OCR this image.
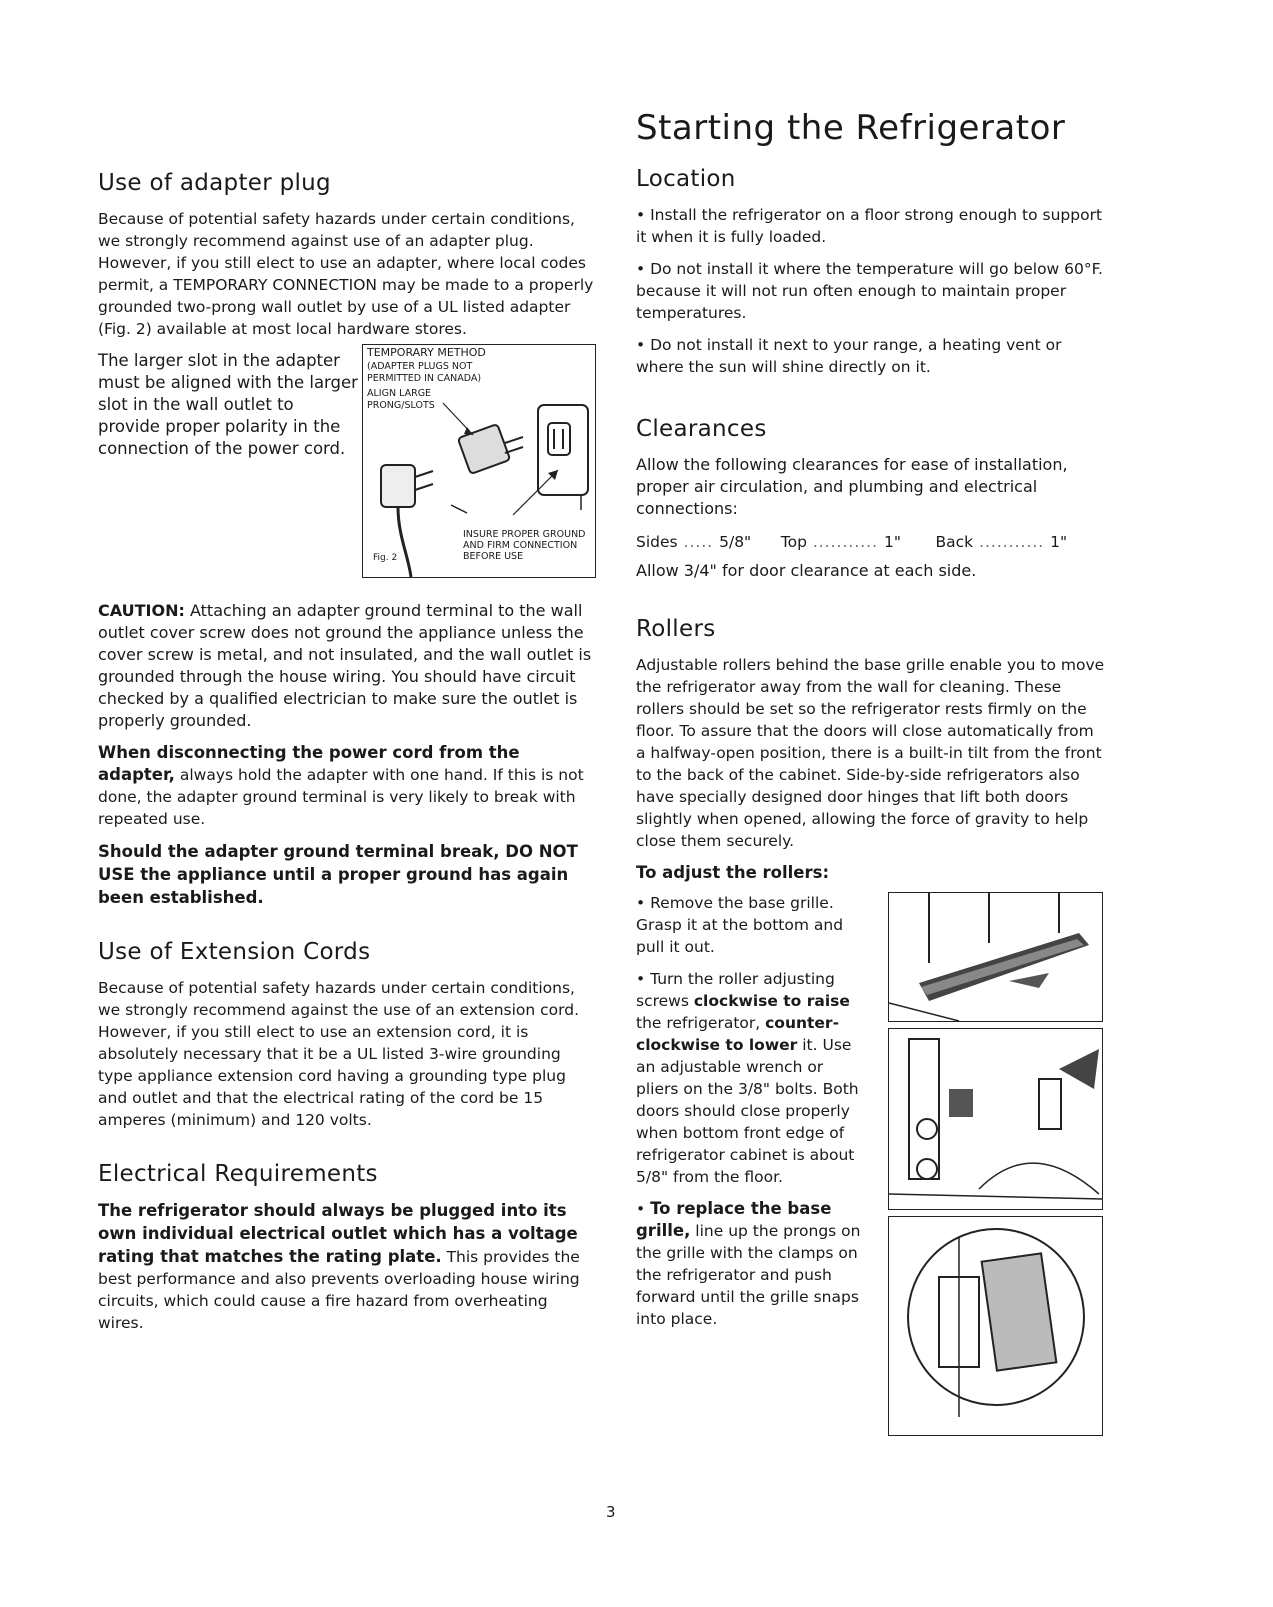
Use of adapter plug

Because of potential safety hazards under certain conditions, we strongly recommend against use of an adapter plug. However, if you still elect to use an adapter, where local codes permit, a TEMPORARY CONNECTION may be made to a properly grounded two-prong wall outlet by use of a UL listed adapter (Fig. 2) available at most local hardware stores.

The larger slot in the adapter must be aligned with the larger slot in the wall outlet to provide proper polarity in the connection of the power cord.

TEMPORARY METHOD
(ADAPTER PLUGS NOT PERMITTED IN CANADA)
ALIGN LARGE PRONG/SLOTS
INSURE PROPER GROUND AND FIRM CONNECTION BEFORE USE
Fig. 2

CAUTION: Attaching an adapter ground terminal to the wall outlet cover screw does not ground the appliance unless the cover screw is metal, and not insulated, and the wall outlet is grounded through the house wiring. You should have circuit checked by a qualified electrician to make sure the outlet is properly grounded.

When disconnecting the power cord from the adapter, always hold the adapter with one hand. If this is not done, the adapter ground terminal is very likely to break with repeated use.

Should the adapter ground terminal break, DO NOT USE the appliance until a proper ground has again been established.

Use of Extension Cords

Because of potential safety hazards under certain conditions, we strongly recommend against the use of an extension cord. However, if you still elect to use an extension cord, it is absolutely necessary that it be a UL listed 3-wire grounding type appliance extension cord having a grounding type plug and outlet and that the electrical rating of the cord be 15 amperes (minimum) and 120 volts.

Electrical Requirements

The refrigerator should always be plugged into its own individual electrical outlet which has a voltage rating that matches the rating plate. This provides the best performance and also prevents overloading house wiring circuits, which could cause a fire hazard from overheating wires.

Starting the Refrigerator
Location

• Install the refrigerator on a floor strong enough to support it when it is fully loaded.

• Do not install it where the temperature will go below 60°F. because it will not run often enough to maintain proper temperatures.

• Do not install it next to your range, a heating vent or where the sun will shine directly on it.

Clearances

Allow the following clearances for ease of installation, proper air circulation, and plumbing and electrical connections:

Sides ..... 5/8" Top ........... 1" Back ........... 1"

Allow 3/4" for door clearance at each side.

Rollers

Adjustable rollers behind the base grille enable you to move the refrigerator away from the wall for cleaning. These rollers should be set so the refrigerator rests firmly on the floor. To assure that the doors will close automatically from a halfway-open position, there is a built-in tilt from the front to the back of the cabinet. Side-by-side refrigerators also have specially designed door hinges that lift both doors slightly when opened, allowing the force of gravity to help close them securely.

To adjust the rollers:

• Remove the base grille. Grasp it at the bottom and pull it out.

• Turn the roller adjusting screws clockwise to raise the refrigerator, counter-clockwise to lower it. Use an adjustable wrench or pliers on the 3/8" bolts. Both doors should close properly when bottom front edge of refrigerator cabinet is about 5/8" from the floor.

• To replace the base grille, line up the prongs on the grille with the clamps on the refrigerator and push forward until the grille snaps into place.

3
